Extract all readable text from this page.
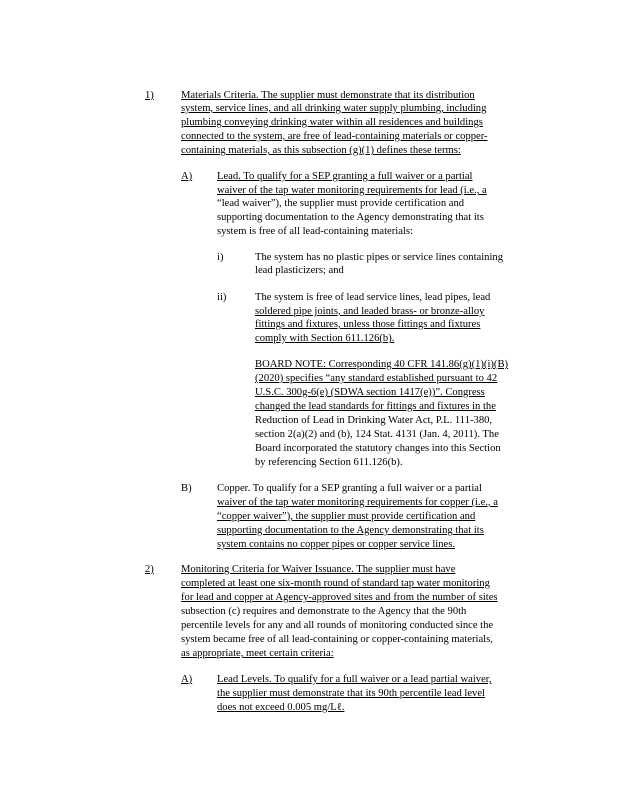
1)	Materials Criteria. The supplier must demonstrate that its distribution
system, service lines, and all drinking water supply plumbing, including
plumbing conveying drinking water within all residences and buildings
connected to the system, are free of lead-containing materials or copper-
containing materials, as this subsection (g)(1) defines these terms:
A) Lead. To qualify for a SEP granting a full waiver or a partial
waiver of the tap water monitoring requirements for lead (i.e., a
“lead waiver”), the supplier must provide certification and
supporting documentation to the Agency demonstrating that its
system is free of all lead-containing materials:
i)	The system has no plastic pipes or service lines containing
lead plasticizers; and
ii)	The system is free of lead service lines, lead pipes, lead
soldered pipe joints, and leaded brass- or bronze-alloy
fittings and fixtures, unless those fittings and fixtures
comply with Section 611.126(b).
BOARD NOTE: Corresponding 40 CFR 141.86(g)(1)(i)(B)
(2020) specifies “any standard established pursuant to 42
U.S.C. 300g-6(e) (SDWA section 1417(e))”. Congress
changed the lead standards for fittings and fixtures in the
Reduction of Lead in Drinking Water Act, P.L. 111-380,
section 2(a)(2) and (b), 124 Stat. 4131 (Jan. 4, 2011). The
Board incorporated the statutory changes into this Section
by referencing Section 611.126(b).
B) Copper. To qualify for a SEP granting a full waiver or a partial
waiver of the tap water monitoring requirements for copper (i.e., a
“copper waiver”), the supplier must provide certification and
supporting documentation to the Agency demonstrating that its
system contains no copper pipes or copper service lines.
2)	Monitoring Criteria for Waiver Issuance. The supplier must have
completed at least one six-month round of standard tap water monitoring
for lead and copper at Agency-approved sites and from the number of sites
subsection (c) requires and demonstrate to the Agency that the 90th
percentile levels for any and all rounds of monitoring conducted since the
system became free of all lead-containing or copper-containing materials,
as appropriate, meet certain criteria:
A) Lead Levels. To qualify for a full waiver or a lead partial waiver,
the supplier must demonstrate that its 90th percentile lead level
does not exceed 0.005 mg/Lℓ.
